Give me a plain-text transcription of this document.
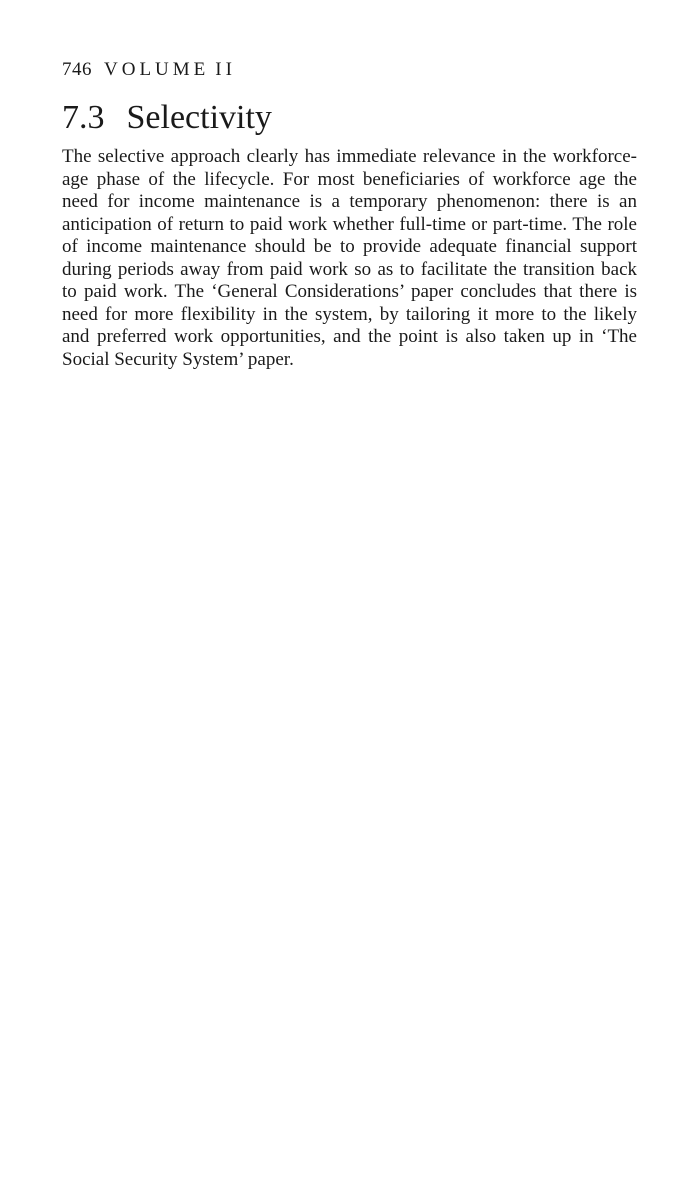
746 VOLUME II
7.3 Selectivity

The selective approach clearly has immediate relevance in the workforce-age phase of the lifecycle. For most beneficiaries of workforce age the need for income maintenance is a temporary phenomenon: there is an anticipation of return to paid work whether full-time or part-time. The role of income maintenance should be to provide adequate financial support during periods away from paid work so as to facilitate the transition back to paid work. The ‘General Considerations’ paper concludes that there is need for more flexibility in the system, by tailoring it more to the likely and preferred work opportunities, and the point is also taken up in ‘The Social Security System’ paper.
